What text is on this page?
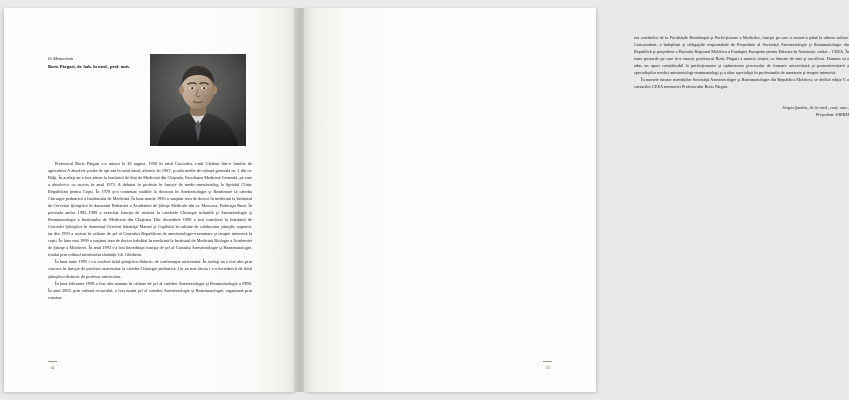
In Memoriam
Boris Pârgari, dr. hab. în med., prof. univ.

Profesorul Boris Pârgari s-a născut la 20 august, 1950 în satul Ciuciulea, r-nul Glodeni într-o familie de agricultori.A absolvit şcoala de opt ani în satul natal, ulterior, în 1967, şcoala medie de cultură generală nr. 1 din or. Bălţi. În acelaşi an a fost admis la Institutul de Stat de Medicină din Chişinău, Facultatea Medicină Generală, pe care a absolvit-o cu succes în anul 1973. A debutat în profesie în funcţie de medic-anesteziolog la Spitalul Clinic Republican pentru Copii. În 1978 şi-a continuat studiile la doctorat în Anesteziologie şi Reanimare la catedra Chirurgie pediatrică a Institutului de Medicină. În luna martie 1983 a susţinut teza de doctor în medicină la Institutul de Cercetări Ştiinţifice în domeniul Pediatriei a Academiei de Ştiinţe Medicale din or. Moscova, Federaţia Rusă. În perioada anilor 1983–1989 a exercitat funcţia de asistent la catedrele Chirurgie infantilă şi Anesteziologie şi Reanimatologie a Institutului de Medicină din Chişinău. Din decembrie 1990 a fost transferat la Institutul de Cercetări Ştiinţifice în domeniul Ocrotirii Sănătăţii Mamei şi Copilului în calitate de colaborator ştiinţific superior, iar din 1993 a activat în calitate de şef al Centrului Republican de anesteziologie-examinare şi terapie intensivă la copii. În luna mai 1999 a susţinut teza de doctor habilitat în medicină la Institutul de Medicină Biologie a Academiei de Ştiinţe a Moldovei. În anul 1993 i-a fost încredinţat funcţia de şef al Cursului Anesteziologie şi Reanimatologie, fondat prin ordinul ministrului sănătăţii Gh. Ghidirim.

În luna iunie 1995 i s-a conferit titlul ştiinţifico-didactic de conferenţiar universitar. În acelaşi an a fost ales prin concurs în funcţie de profesor universitar la catedra Chirurgie pediatrică. Un an mai târziu i s-a învrednicit de titlul ştiinţifico-didactic de profesor universitar.

În luna februarie 1998 a fost ales usnaim în calitate de şef al catedrei Anesteziologie şi Reanimatologie a FPM. În anul 2005, prin ordinul rectorului, a fost numit şef al catedrei Anesteziologie şi Reanimatologie, organizată prin comasa-

14

rea catedrelor de la Facultăţile Rezidenţiat şi Perfecţionare a Medicilor, funcţie pe care a onorat-o până la ultima suflare. Concomitent, a îndeplinit şi obligaţiile responsabile de Preşedinte al Societăţii Anesteziologie şi Reanimatologie din Republică şi preşedinte a Biroului Regional Moldova a Fundaţiei Europene pentru Educare în Anestezie, astăzi – CEEA. În toate posturile pe care le-a onorat, profesorul Boris Pârgari a muncit cinstit, cu dăruire de sine şi sacrificiu. Domnia sa a adus un aport considerabil la perfecţionarea şi optimizarea procesului de formare universitară şi postuniversitară a specialiştilor medici anesteziologi-reanimatologi şi a altor specialişti în profesiunile de anestezie şi terapie intensivă.

În numele tuturor membrilor Societăţii Anesteziologie şi Reanimatologie din Republica Moldova, se dedică ediţia V a cursurilor CEEA memoriei Profesorului Boris Pârgari.

Sergiu Şandru, dr. în med., conf. univ.,
Preşedinte SARRM
15
